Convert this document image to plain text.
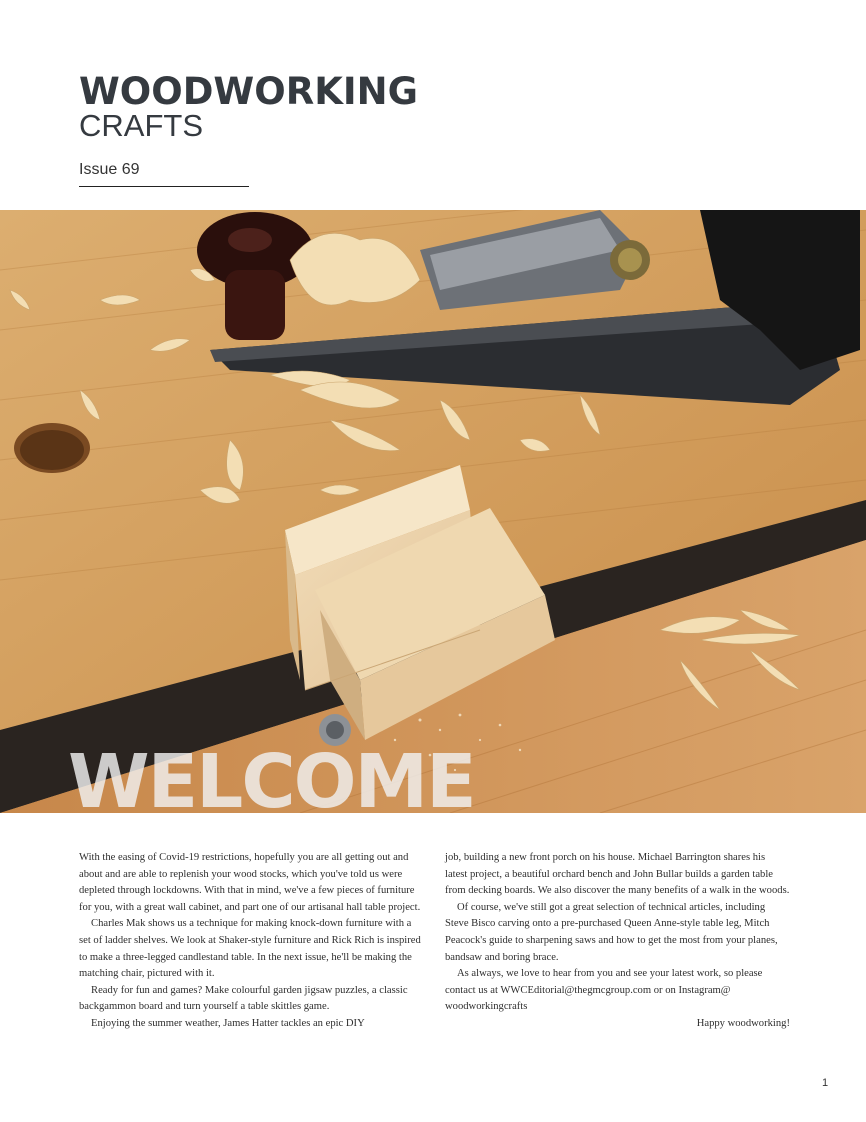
WOODWORKING
CRAFTS
Issue 69
WELCOME

With the easing of Covid-19 restrictions, hopefully you are all getting out and about and are able to replenish your wood stocks, which you've told us were depleted through lockdowns. With that in mind, we've a few pieces of furniture for you, with a great wall cabinet, and part one of our artisanal hall table project.

Charles Mak shows us a technique for making knock-down furniture with a set of ladder shelves. We look at Shaker-style furniture and Rick Rich is inspired to make a three-legged candlestand table. In the next issue, he'll be making the matching chair, pictured with it.

Ready for fun and games? Make colourful garden jigsaw puzzles, a classic backgammon board and turn yourself a table skittles game.

Enjoying the summer weather, James Hatter tackles an epic DIY

job, building a new front porch on his house. Michael Barrington shares his latest project, a beautiful orchard bench and John Bullar builds a garden table from decking boards. We also discover the many benefits of a walk in the woods.

Of course, we've still got a great selection of technical articles, including Steve Bisco carving onto a pre-purchased Queen Anne-style table leg, Mitch Peacock's guide to sharpening saws and how to get the most from your planes, bandsaw and boring brace.

As always, we love to hear from you and see your latest work, so please contact us at WWCEditorial@thegmcgroup.com or on Instagram@ woodworkingcrafts

Happy woodworking!

1
